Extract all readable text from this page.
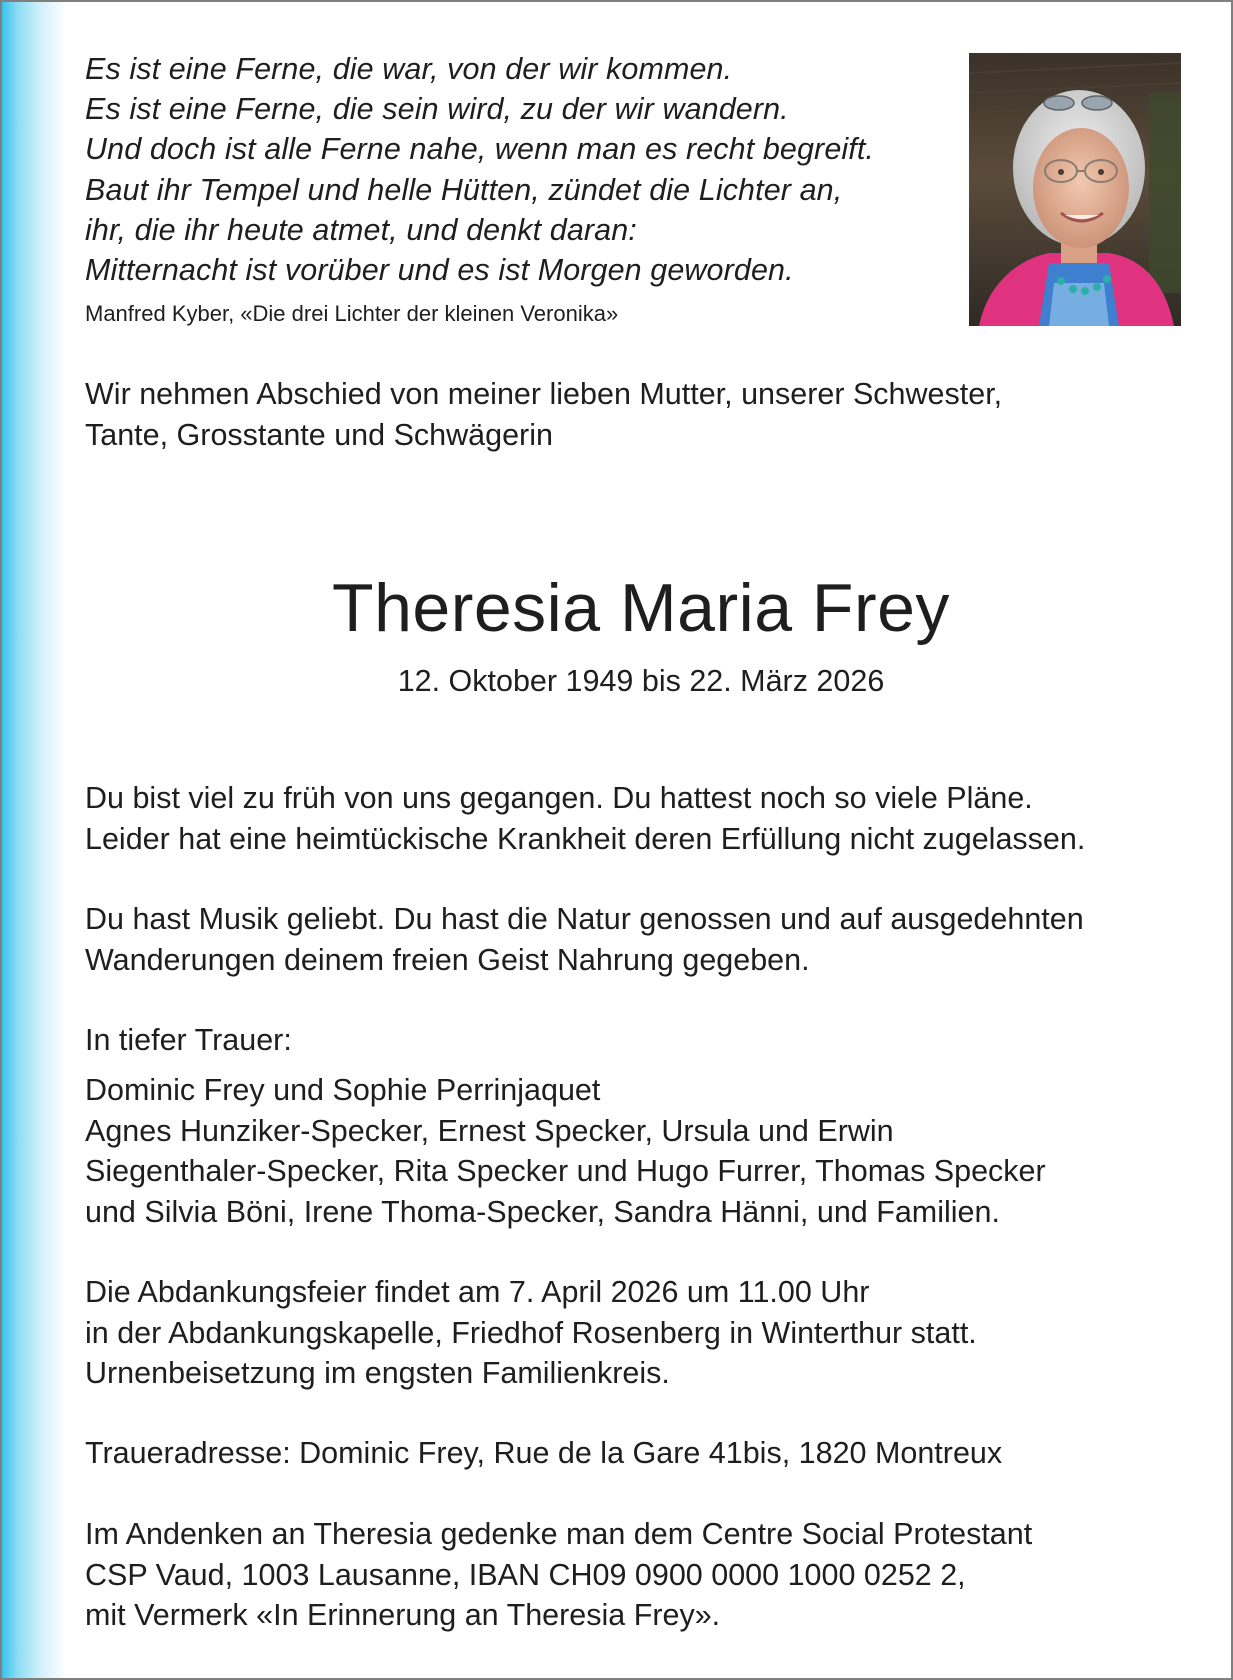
Es ist eine Ferne, die war, von der wir kommen.
Es ist eine Ferne, die sein wird, zu der wir wandern.
Und doch ist alle Ferne nahe, wenn man es recht begreift.
Baut ihr Tempel und helle Hütten, zündet die Lichter an,
ihr, die ihr heute atmet, und denkt daran:
Mitternacht ist vorüber und es ist Morgen geworden.
Manfred Kyber, «Die drei Lichter der kleinen Veronika»
Wir nehmen Abschied von meiner lieben Mutter, unserer Schwester,
Tante, Grosstante und Schwägerin
Theresia Maria Frey
12. Oktober 1949 bis 22. März 2026
Du bist viel zu früh von uns gegangen. Du hattest noch so viele Pläne.
Leider hat eine heimtückische Krankheit deren Erfüllung nicht zugelassen.
Du hast Musik geliebt. Du hast die Natur genossen und auf ausgedehnten
Wanderungen deinem freien Geist Nahrung gegeben.
In tiefer Trauer:
Dominic Frey und Sophie Perrinjaquet
Agnes Hunziker-Specker, Ernest Specker, Ursula und Erwin
Siegenthaler-Specker, Rita Specker und Hugo Furrer, Thomas Specker
und Silvia Böni, Irene Thoma-Specker, Sandra Hänni, und Familien.
Die Abdankungsfeier findet am 7. April 2026 um 11.00 Uhr
in der Abdankungskapelle, Friedhof Rosenberg in Winterthur statt.
Urnenbeisetzung im engsten Familienkreis.
Traueradresse: Dominic Frey, Rue de la Gare 41bis, 1820 Montreux
Im Andenken an Theresia gedenke man dem Centre Social Protestant
CSP Vaud, 1003 Lausanne, IBAN CH09 0900 0000 1000 0252 2,
mit Vermerk «In Erinnerung an Theresia Frey».
